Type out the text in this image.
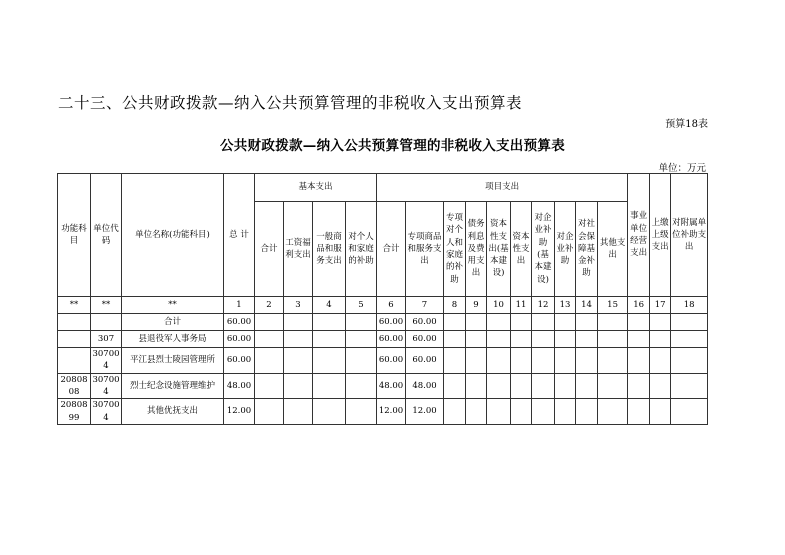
二十三、公共财政拨款—纳入公共预算管理的非税收入支出预算表
预算18表
公共财政拨款—纳入公共预算管理的非税收入支出预算表
单位：万元
功能科目	单位代码	单位名称(功能科目)	总 计	基本支出				项目支出										事业单位经营支出	上缴上级支出	对附属单位补助支出
				合计	工资福利支出	一般商品和服务支出	对个人和家庭的补助	合计	专项商品和服务支出	专项对个人和家庭的补助	债务利息及费用支出	资本性支出(基本建设)	资本性支出	对企业补助(基本建设)	对企业补助	对社会保障基金补助	其他支出			
**	**	**	1	2	3	4	5	6	7	8	9	10	11	12	13	14	15	16	17	18
		合计	60.00					60.00	60.00											
	307	县退役军人事务局	60.00					60.00	60.00											
	307004	平江县烈士陵园管理所	60.00					60.00	60.00											
2080808	307004	烈士纪念设施管理维护	48.00					48.00	48.00											
2080899	307004	其他优抚支出	12.00					12.00	12.00											
